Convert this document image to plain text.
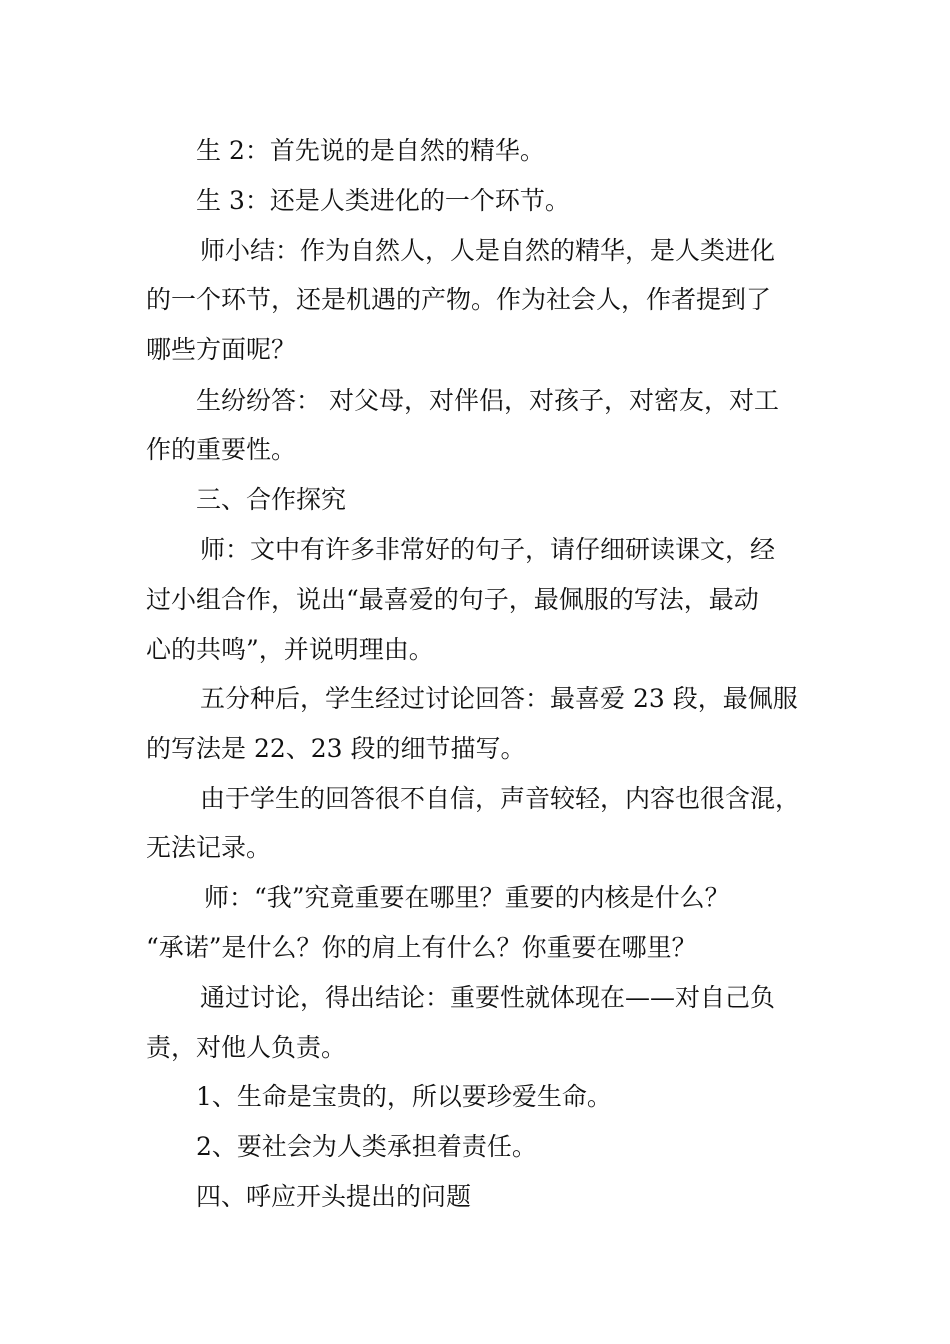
生 2：首先说的是自然的精华。
生 3：还是人类进化的一个环节。
师小结：作为自然人，人是自然的精华，是人类进化
的一个环节，还是机遇的产物。作为社会人，作者提到了
哪些方面呢？
生纷纷答： 对父母，对伴侣，对孩子，对密友，对工
作的重要性。
三、合作探究
师：文中有许多非常好的句子，请仔细研读课文，经
过小组合作，说出“最喜爱的句子，最佩服的写法，最动
心的共鸣”，并说明理由。
五分种后，学生经过讨论回答：最喜爱 23 段，最佩服
的写法是 22、23 段的细节描写。
由于学生的回答很不自信，声音较轻，内容也很含混，
无法记录。
师：“我”究竟重要在哪里？重要的内核是什么？
“承诺”是什么？你的肩上有什么？你重要在哪里？
通过讨论，得出结论：重要性就体现在——对自己负
责，对他人负责。
1、生命是宝贵的，所以要珍爱生命。
2、要社会为人类承担着责任。
四、呼应开头提出的问题
